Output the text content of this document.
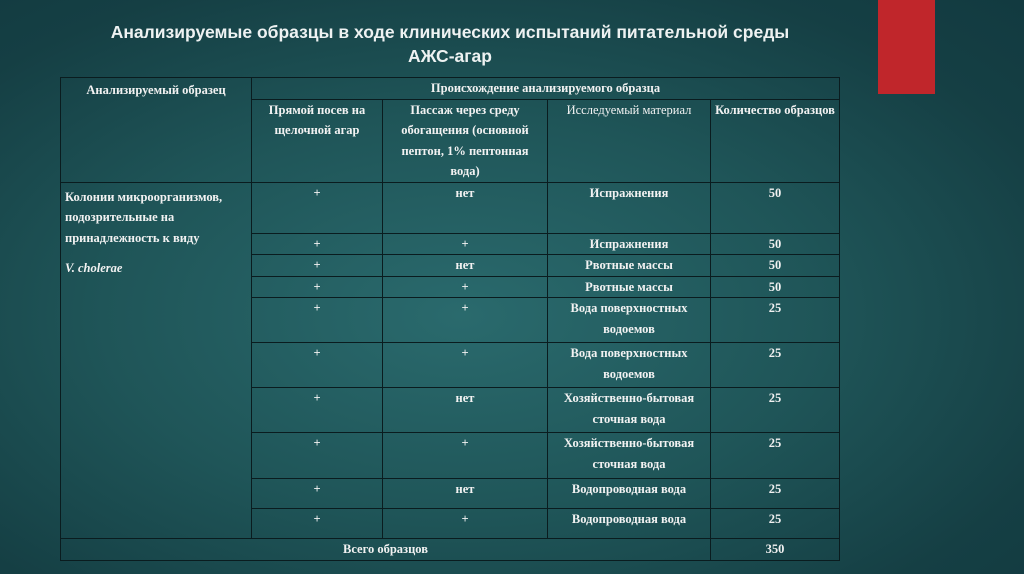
Анализируемые образцы в ходе клинических испытаний питательной среды
АЖС-агар
Анализируемый образец	Происхождение анализируемого образца			
	Прямой посев на щелочной агар	Пассаж через среду обогащения (основной пептон, 1% пептонная вода)	Исследуемый материал	Количество образцов
Колонии микроорганизмов, подозрительные на принадлежность к виду
V. cholerae	+	нет	Испражнения	50
	+	+	Испражнения	50
	+	нет	Рвотные массы	50
	+	+	Рвотные массы	50
	+	+	Вода поверхностных водоемов	25
	+	+	Вода поверхностных водоемов	25
	+	нет	Хозяйственно-бытовая сточная вода	25
	+	+	Хозяйственно-бытовая сточная вода	25
	+	нет	Водопроводная вода	25
	+	+	Водопроводная вода	25
Всего образцов				350
